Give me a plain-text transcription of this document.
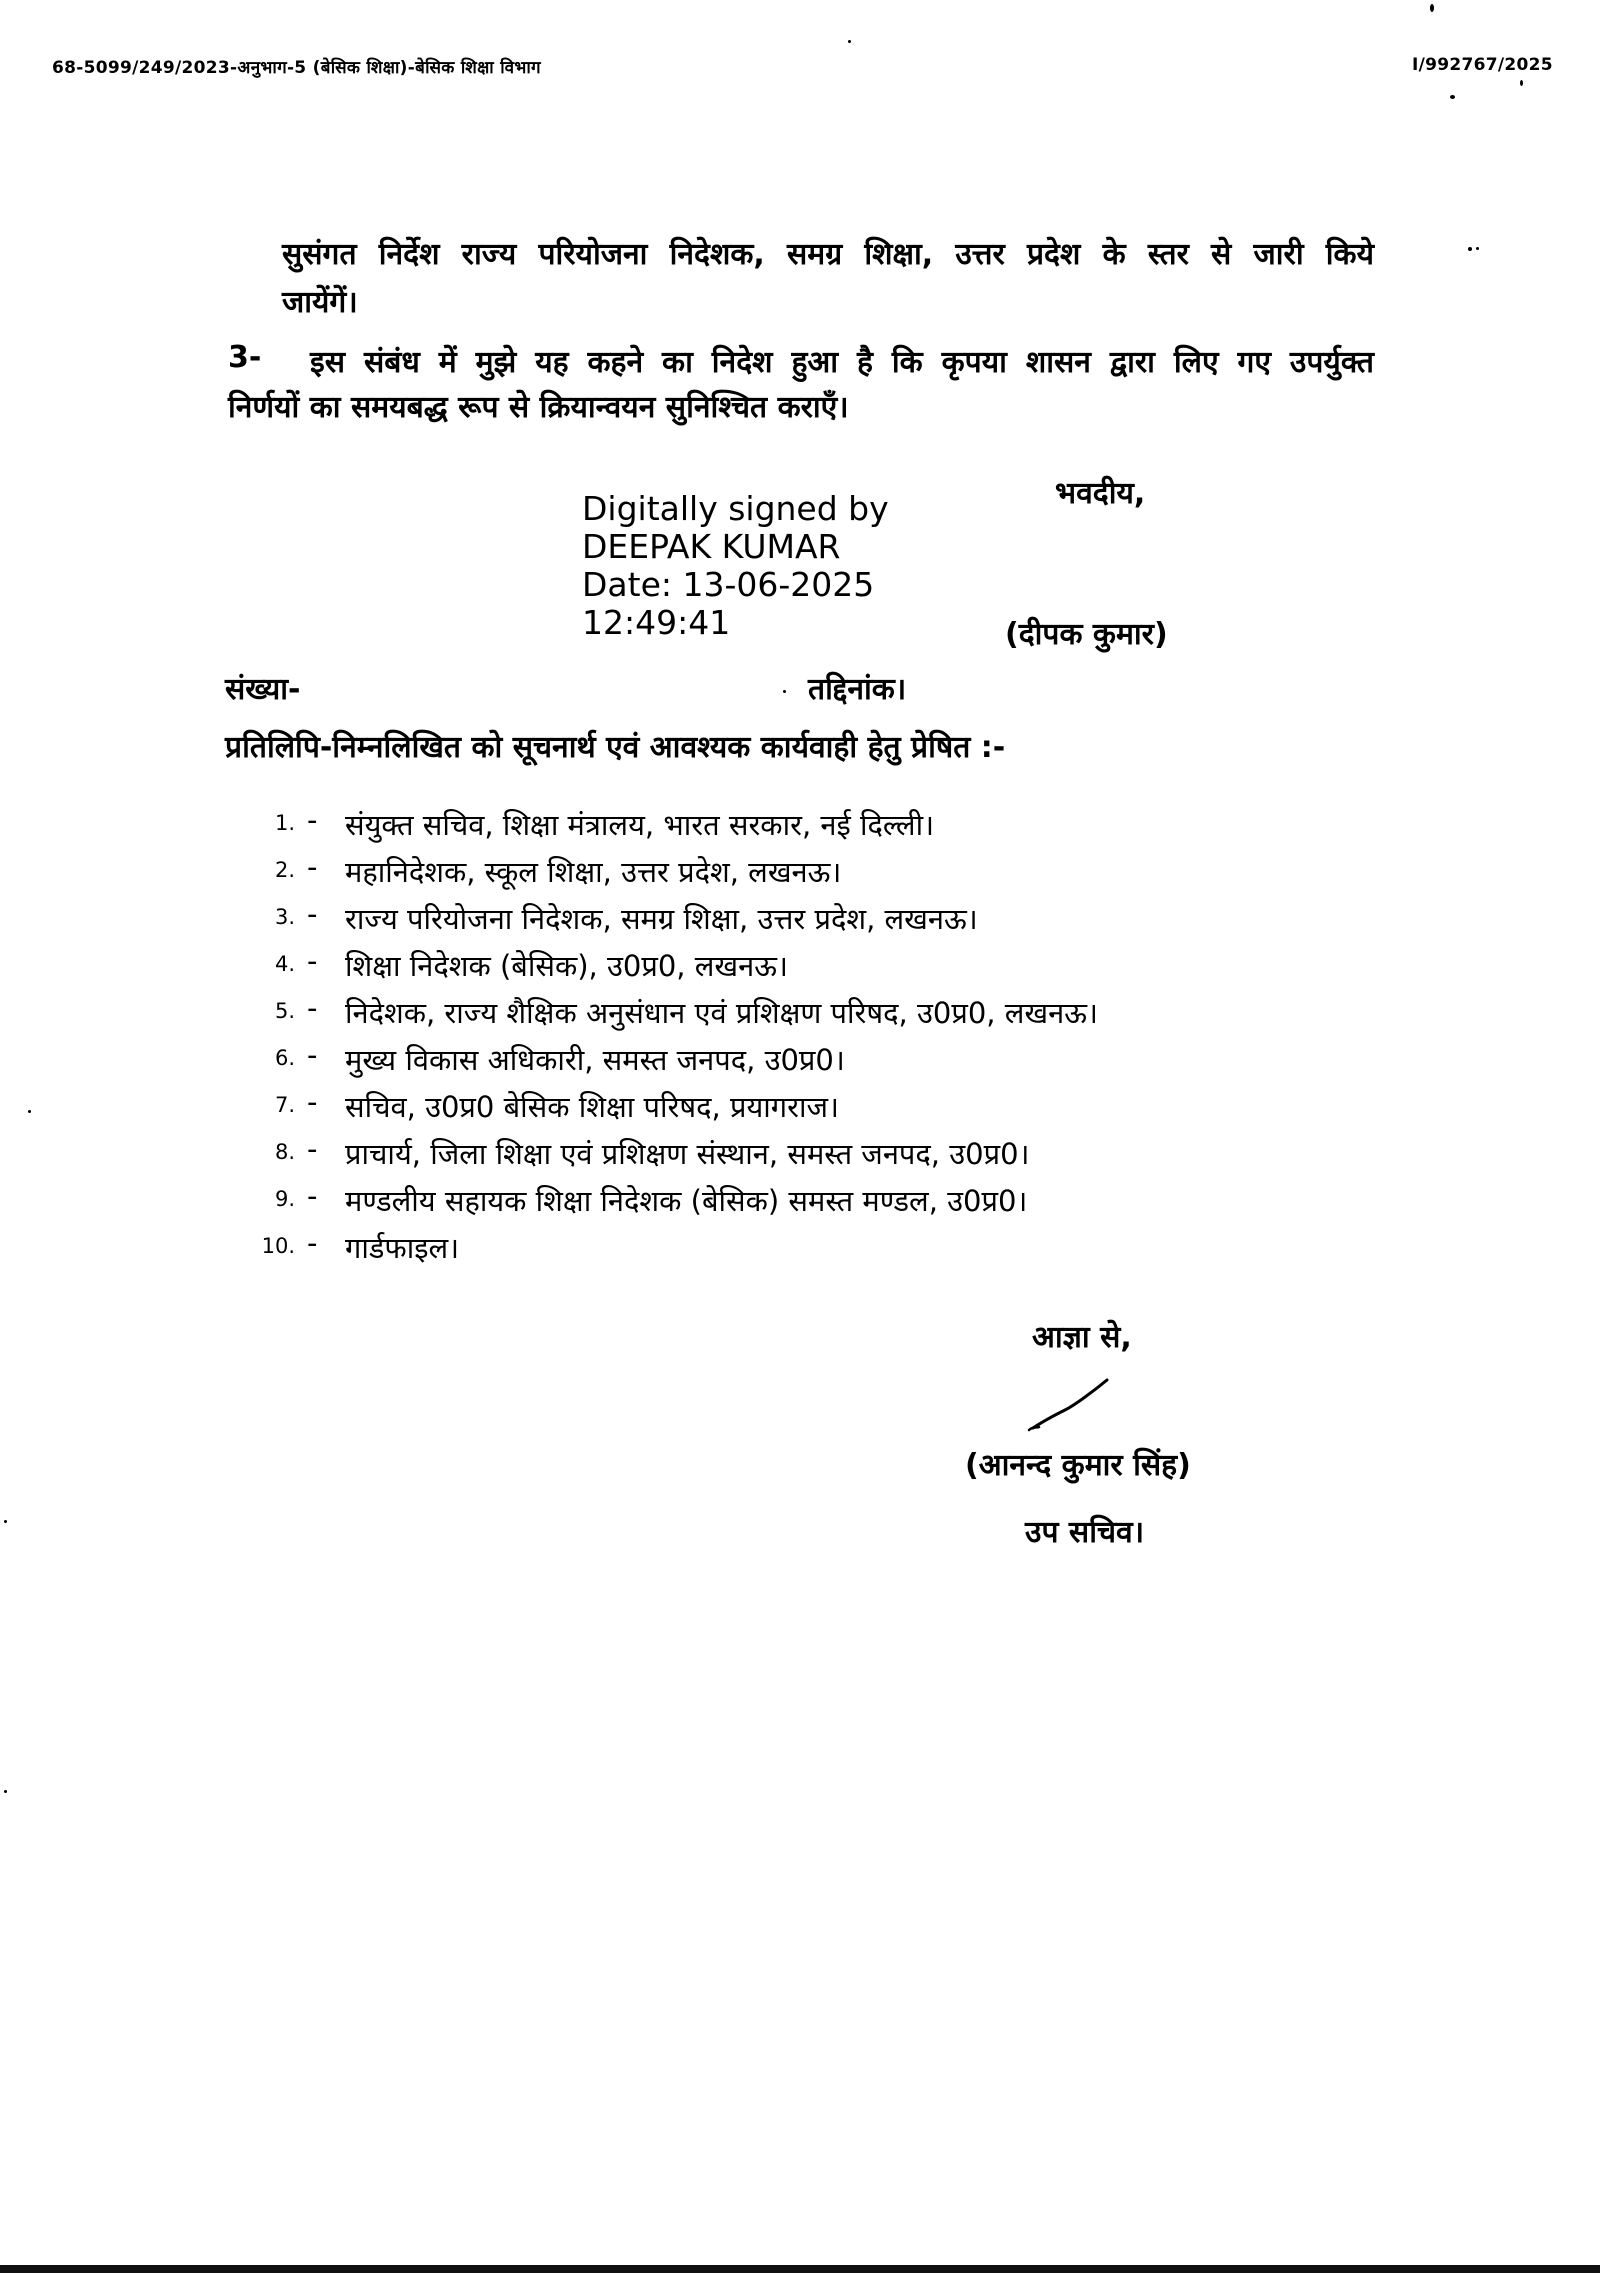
68-5099/249/2023-अनुभाग-5 (बेसिक शिक्षा)-बेसिक शिक्षा विभाग	I/992767/2025
सुसंगत निर्देश राज्य परियोजना निदेशक, समग्र शिक्षा, उत्तर प्रदेश के स्तर से जारी किये
जायेंगें।
3- इस संबंध में मुझे यह कहने का निदेश हुआ है कि कृपया शासन द्वारा लिए गए उपर्युक्त
निर्णयों का समयबद्ध रूप से क्रियान्वयन सुनिश्चित कराएँ।
भवदीय,
Digitally signed by
DEEPAK KUMAR
Date: 13-06-2025
12:49:41	(दीपक कुमार)
संख्या-	तद्दिनांक।
प्रतिलिपि-निम्नलिखित को सूचनार्थ एवं आवश्यक कार्यवाही हेतु प्रेषित :-
1. - संयुक्त सचिव, शिक्षा मंत्रालय, भारत सरकार, नई दिल्ली।
2. - महानिदेशक, स्कूल शिक्षा, उत्तर प्रदेश, लखनऊ।
3. - राज्य परियोजना निदेशक, समग्र शिक्षा, उत्तर प्रदेश, लखनऊ।
4. - शिक्षा निदेशक (बेसिक), उ0प्र0, लखनऊ।
5. - निदेशक, राज्य शैक्षिक अनुसंधान एवं प्रशिक्षण परिषद, उ0प्र0, लखनऊ।
6. - मुख्य विकास अधिकारी, समस्त जनपद, उ0प्र0।
7. - सचिव, उ0प्र0 बेसिक शिक्षा परिषद, प्रयागराज।
8. - प्राचार्य, जिला शिक्षा एवं प्रशिक्षण संस्थान, समस्त जनपद, उ0प्र0।
9. - मण्डलीय सहायक शिक्षा निदेशक (बेसिक) समस्त मण्डल, उ0प्र0।
10. - गार्डफाइल।
आज्ञा से,
(आनन्द कुमार सिंह)
उप सचिव।
